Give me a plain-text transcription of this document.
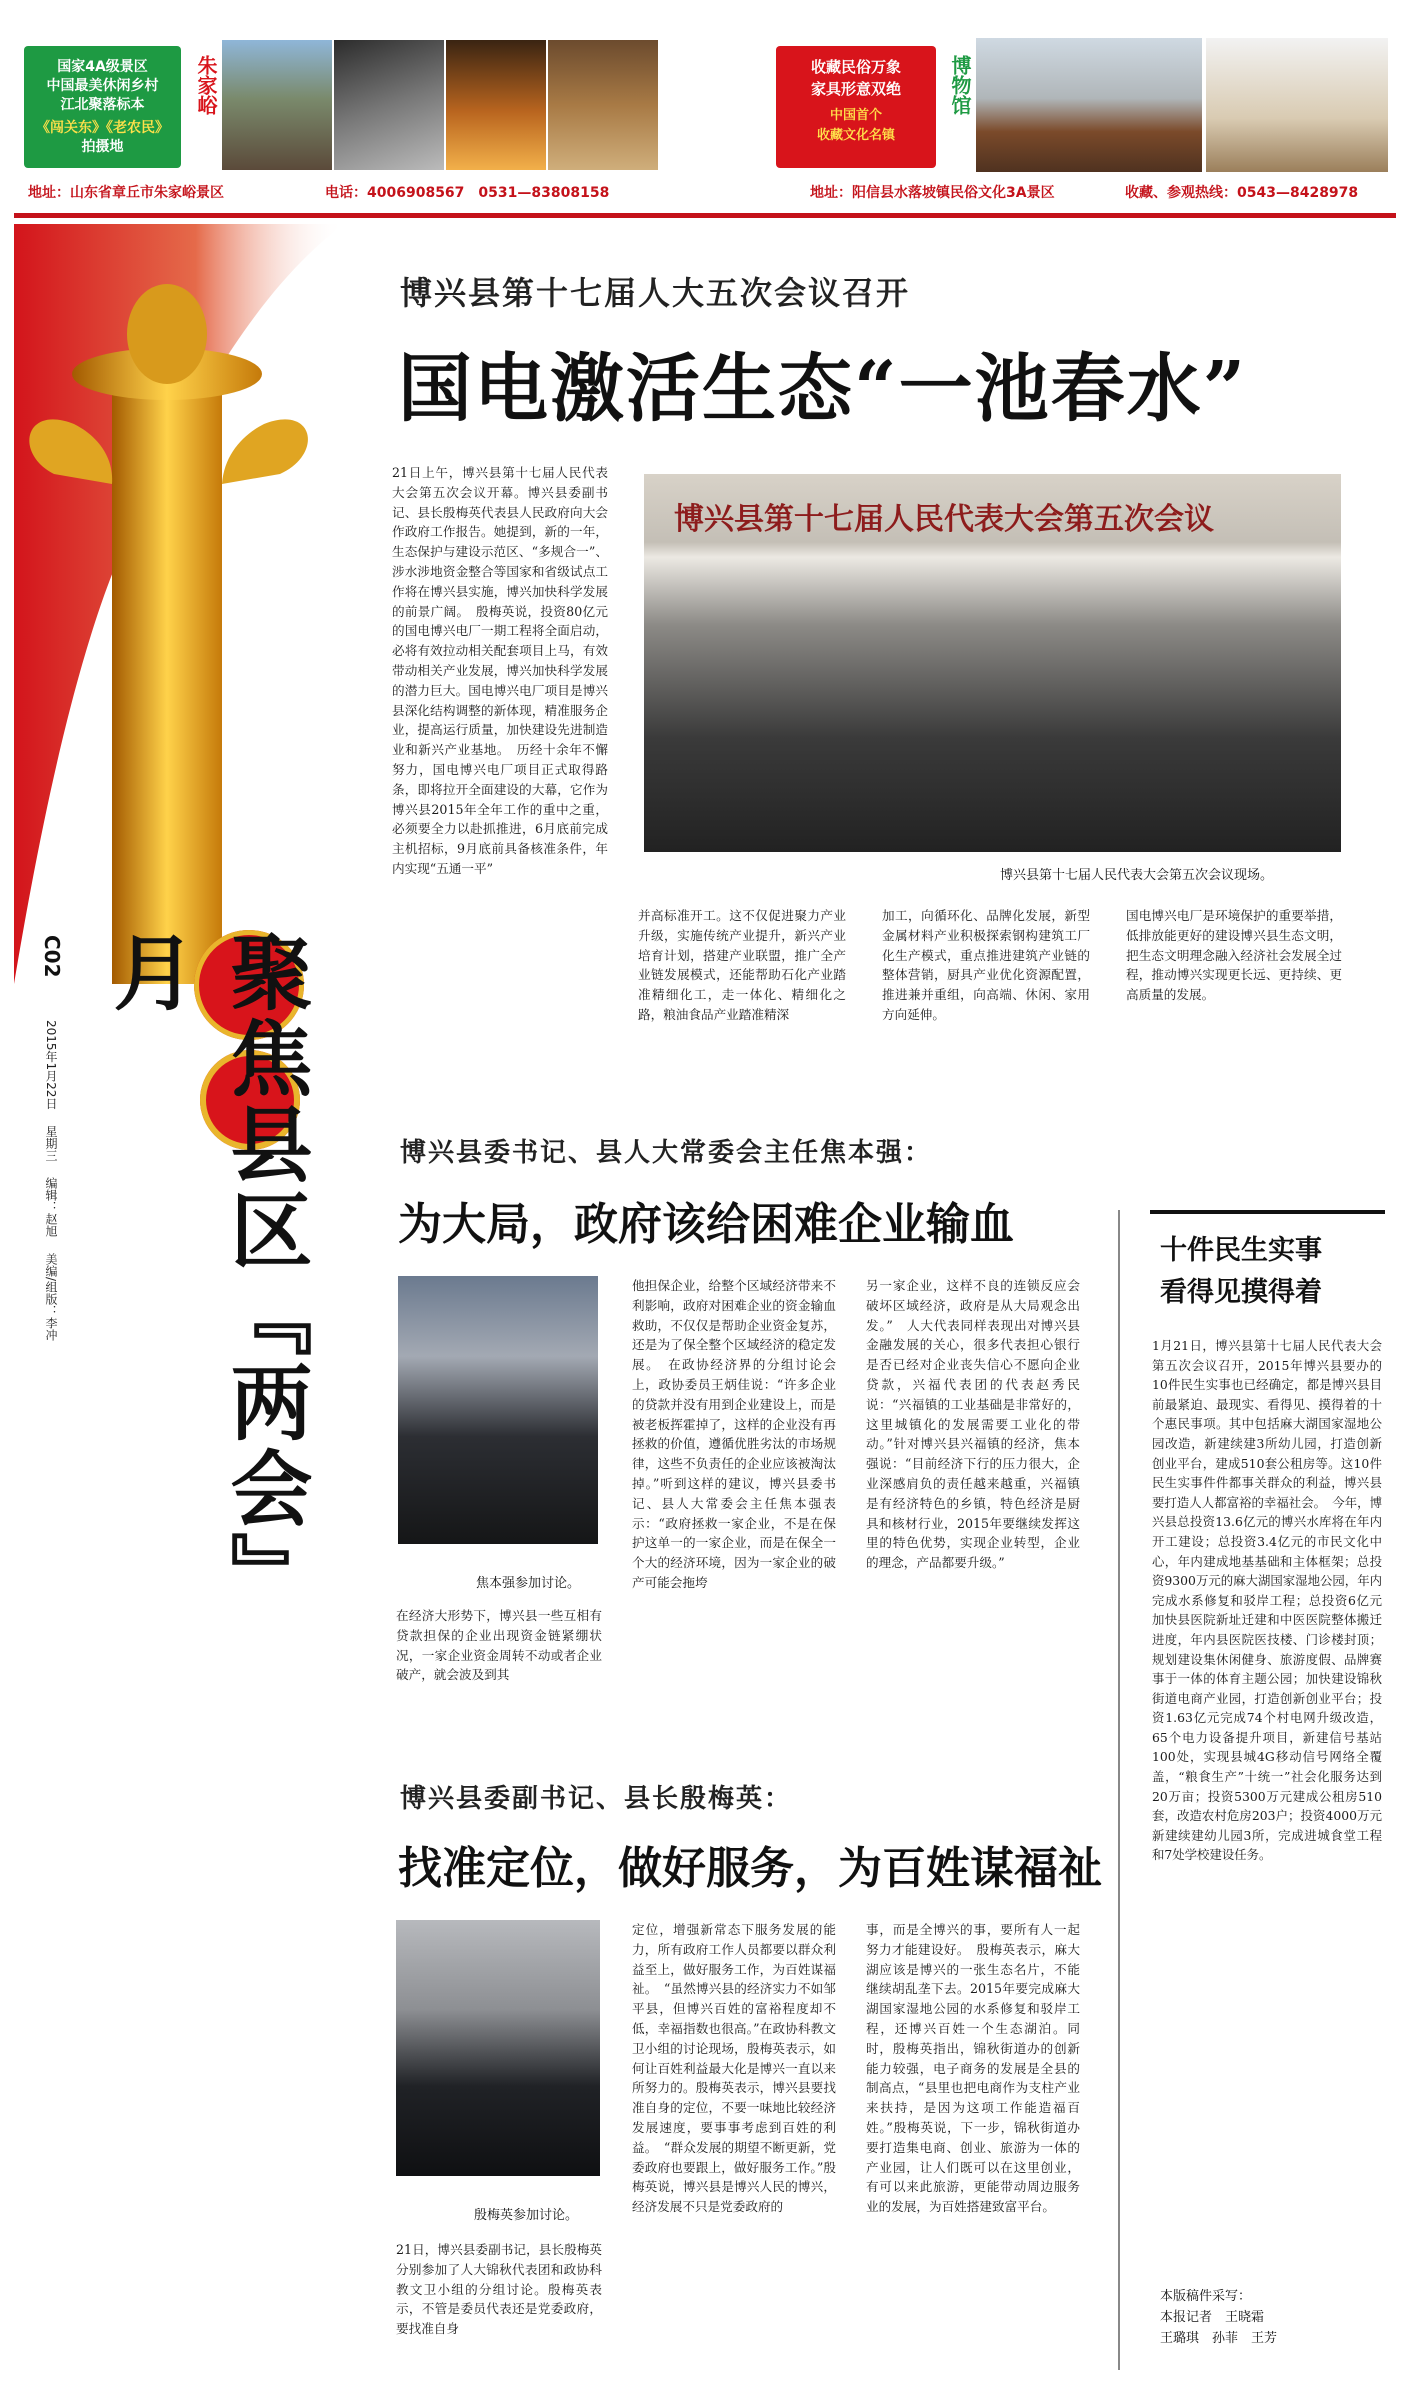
国家4A级景区
中国最美休闲乡村
江北聚落标本
《闯关东》《老农民》
拍摄地
朱家峪	收藏民俗万象
家具形意双绝
中国首个
收藏文化名镇
博物馆
地址：山东省章丘市朱家峪景区	电话：4006908567　0531—83808158	地址：阳信县水落坡镇民俗文化3A景区	收藏、参观热线：0543—8428978
聚焦县区『两会』月
C02
2015年1月22日　 星期三　 编辑：赵旭　 美编/组版：李冲
博兴县第十七届人大五次会议召开
国电激活生态“一池春水”
21日上午，博兴县第十七届人民代表大会第五次会议开幕。博兴县委副书记、县长殷梅英代表县人民政府向大会作政府工作报告。她提到，新的一年，生态保护与建设示范区、“多规合一”、涉水涉地资金整合等国家和省级试点工作将在博兴县实施，博兴加快科学发展的前景广阔。　殷梅英说，投资80亿元的国电博兴电厂一期工程将全面启动，必将有效拉动相关配套项目上马，有效带动相关产业发展，博兴加快科学发展的潜力巨大。国电博兴电厂项目是博兴县深化结构调整的新体现，精准服务企业，提高运行质量，加快建设先进制造业和新兴产业基地。　历经十余年不懈努力，国电博兴电厂项目正式取得路条，即将拉开全面建设的大幕，它作为博兴县2015年全年工作的重中之重，必须要全力以赴抓推进，6月底前完成主机招标，9月底前具备核准条件，年内实现“五通一平”
博兴县第十七届人民代表大会第五次会议
博兴县第十七届人民代表大会第五次会议现场。
并高标准开工。这不仅促进聚力产业升级，实施传统产业提升，新兴产业培育计划，搭建产业联盟，推广全产业链发展模式，还能帮助石化产业踏准精细化工，走一体化、精细化之路，粮油食品产业踏准精深
加工，向循环化、品牌化发展，新型金属材料产业积极探索钢构建筑工厂化生产模式，重点推进建筑产业链的整体营销，厨具产业优化资源配置，推进兼并重组，向高端、休闲、家用方向延伸。
国电博兴电厂是环境保护的重要举措，低排放能更好的建设博兴县生态文明，把生态文明理念融入经济社会发展全过程，推动博兴实现更长远、更持续、更高质量的发展。
博兴县委书记、县人大常委会主任焦本强：
为大局，政府该给困难企业输血
焦本强参加讨论。
在经济大形势下，博兴县一些互相有贷款担保的企业出现资金链紧绷状况，一家企业资金周转不动或者企业破产，就会波及到其
他担保企业，给整个区域经济带来不利影响，政府对困难企业的资金输血救助，不仅仅是帮助企业资金复苏，还是为了保全整个区域经济的稳定发展。　在政协经济界的分组讨论会上，政协委员王炳佳说：“许多企业的贷款并没有用到企业建设上，而是被老板挥霍掉了，这样的企业没有再拯救的价值，遵循优胜劣汰的市场规律，这些不负责任的企业应该被淘汰掉。”听到这样的建议，博兴县委书记、县人大常委会主任焦本强表示：“政府拯救一家企业，不是在保护这单一的一家企业，而是在保全一个大的经济环境，因为一家企业的破产可能会拖垮
另一家企业，这样不良的连锁反应会破坏区域经济，政府是从大局观念出发。”　人大代表同样表现出对博兴县金融发展的关心，很多代表担心银行是否已经对企业丧失信心不愿向企业贷款，兴福代表团的代表赵秀民说：“兴福镇的工业基础是非常好的，这里城镇化的发展需要工业化的带动。”针对博兴县兴福镇的经济，焦本强说：“目前经济下行的压力很大，企业深感肩负的责任越来越重，兴福镇是有经济特色的乡镇，特色经济是厨具和核材行业，2015年要继续发挥这里的特色优势，实现企业转型，企业的理念，产品都要升级。”
博兴县委副书记、县长殷梅英：
找准定位，做好服务，为百姓谋福祉
殷梅英参加讨论。
21日，博兴县委副书记，县长殷梅英分别参加了人大锦秋代表团和政协科教文卫小组的分组讨论。殷梅英表示，不管是委员代表还是党委政府，要找准自身
定位，增强新常态下服务发展的能力，所有政府工作人员都要以群众利益至上，做好服务工作，为百姓谋福祉。　“虽然博兴县的经济实力不如邹平县，但博兴百姓的富裕程度却不低，幸福指数也很高。”在政协科教文卫小组的讨论现场，殷梅英表示，如何让百姓利益最大化是博兴一直以来所努力的。殷梅英表示，博兴县要找准自身的定位，不要一味地比较经济发展速度，要事事考虑到百姓的利益。　“群众发展的期望不断更新，党委政府也要跟上，做好服务工作。”殷梅英说，博兴县是博兴人民的博兴，经济发展不只是党委政府的
事，而是全博兴的事，要所有人一起努力才能建设好。　殷梅英表示，麻大湖应该是博兴的一张生态名片，不能继续胡乱垄下去。2015年要完成麻大湖国家湿地公园的水系修复和驳岸工程，还博兴百姓一个生态湖泊。同时，殷梅英指出，锦秋街道办的创新能力较强，电子商务的发展是全县的制高点，“县里也把电商作为支柱产业来扶持，是因为这项工作能造福百姓。”殷梅英说，下一步，锦秋街道办要打造集电商、创业、旅游为一体的产业园，让人们既可以在这里创业，有可以来此旅游，更能带动周边服务业的发展，为百姓搭建致富平台。
十件民生实事
看得见摸得着
1月21日，博兴县第十七届人民代表大会第五次会议召开，2015年博兴县要办的10件民生实事也已经确定，都是博兴县目前最紧迫、最现实、看得见、摸得着的十个惠民事项。其中包括麻大湖国家湿地公园改造，新建续建3所幼儿园，打造创新创业平台，建成510套公租房等。这10件民生实事件件都事关群众的利益，博兴县要打造人人都富裕的幸福社会。　今年，博兴县总投资13.6亿元的博兴水库将在年内开工建设；总投资3.4亿元的市民文化中心，年内建成地基基础和主体框架；总投资9300万元的麻大湖国家湿地公园，年内完成水系修复和驳岸工程；总投资6亿元加快县医院新址迁建和中医医院整体搬迁进度，年内县医院医技楼、门诊楼封顶；规划建设集休闲健身、旅游度假、品牌赛事于一体的体育主题公园；加快建设锦秋街道电商产业园，打造创新创业平台；投资1.63亿元完成74个村电网升级改造，65个电力设备提升项目，新建信号基站100处，实现县城4G移动信号网络全覆盖，“粮食生产”十统一”社会化服务达到20万亩；投资5300万元建成公租房510套，改造农村危房203户；投资4000万元新建续建幼儿园3所，完成进城食堂工程和7处学校建设任务。
本版稿件采写：
本报记者　王晓霜
王璐琪　孙菲　王芳
